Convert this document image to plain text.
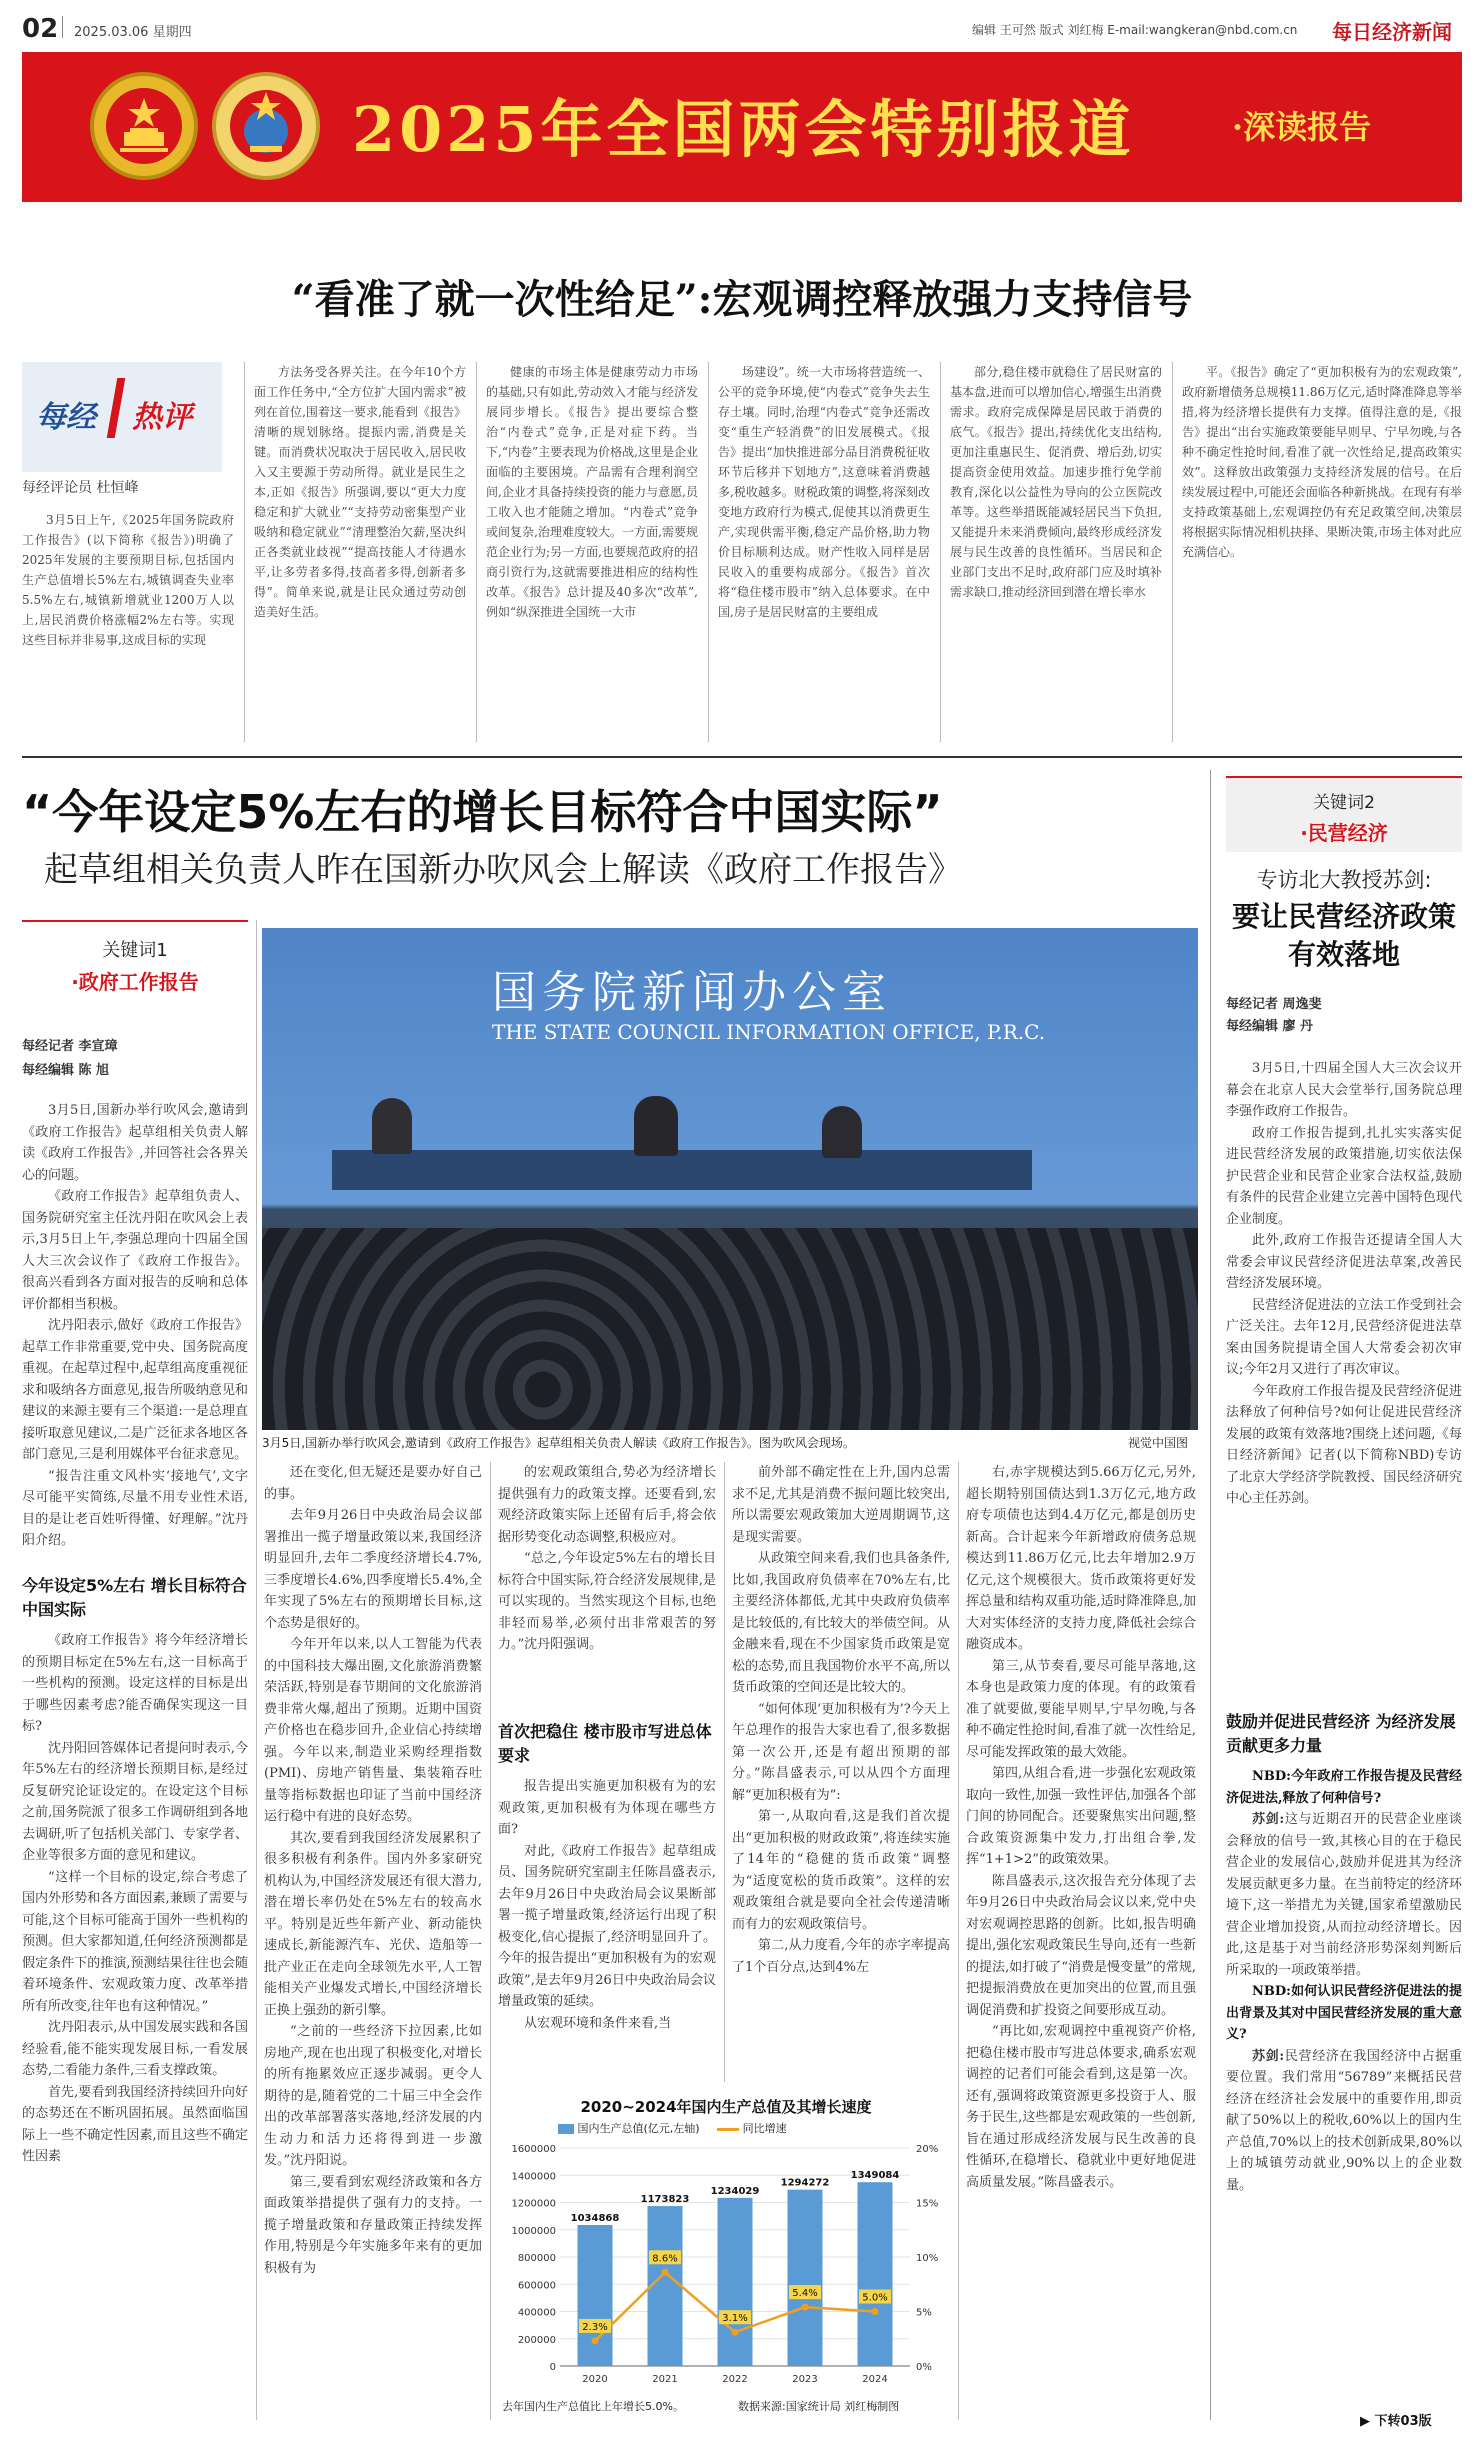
02 2025.03.06 星期四	编辑 王可然 版式 刘红梅 E-mail:wangkeran@nbd.com.cn 每日经济新闻
2025年全国两会特别报道	·深读报告
“看准了就一次性给足”:宏观调控释放强力支持信号
每经 热评
每经评论员 杜恒峰

3月5日上午,《2025年国务院政府工作报告》(以下简称《报告》)明确了2025年发展的主要预期目标,包括国内生产总值增长5%左右,城镇调查失业率5.5%左右,城镇新增就业1200万人以上,居民消费价格涨幅2%左右等。实现这些目标并非易事,这成目标的实现

方法务受各界关注。在今年10个方面工作任务中,“全方位扩大国内需求”被列在首位,围着这一要求,能看到《报告》清晰的规划脉络。提振内需,消费是关键。而消费状况取决于居民收入,居民收入又主要源于劳动所得。就业是民生之本,正如《报告》所强调,要以“更大力度稳定和扩大就业”“支持劳动密集型产业吸纳和稳定就业”“清理整治欠薪,坚决纠正各类就业歧视”“提高技能人才待遇水平,让多劳者多得,技高者多得,创新者多得”。简单来说,就是让民众通过劳动创造美好生活。

健康的市场主体是健康劳动力市场的基础,只有如此,劳动效入才能与经济发展同步增长。《报告》提出要综合整治“内卷式”竞争,正是对症下药。当下,“内卷”主要表现为价格战,这里是企业面临的主要困境。产品需有合理利润空间,企业才具备持续投资的能力与意愿,员工收入也才能随之增加。“内卷式”竞争或间复杂,治理难度较大。一方面,需要规范企业行为;另一方面,也要规范政府的招商引资行为,这就需要推进相应的结构性改革。《报告》总计提及40多次“改革”,例如“纵深推进全国统一大市

场建设”。统一大市场将营造统一、公平的竞争环境,使“内卷式”竞争失去生存土壤。同时,治理“内卷式”竞争还需改变“重生产轻消费”的旧发展模式。《报告》提出“加快推进部分品目消费税征收环节后移并下划地方”,这意味着消费越多,税收越多。财税政策的调整,将深刻改变地方政府行为模式,促使其以消费更生产,实现供需平衡,稳定产品价格,助力物价目标顺利达成。财产性收入同样是居民收入的重要构成部分。《报告》首次将“稳住楼市股市”纳入总体要求。在中国,房子是居民财富的主要组成

部分,稳住楼市就稳住了居民财富的基本盘,进而可以增加信心,增强生出消费需求。政府完成保障是居民敢于消费的底气。《报告》提出,持续优化支出结构,更加注重惠民生、促消费、增后劲,切实提高资金使用效益。加速步推行免学前教育,深化以公益性为导向的公立医院改革等。这些举措既能减轻居民当下负担,又能提升未来消费倾向,最终形成经济发展与民生改善的良性循环。当居民和企业部门支出不足时,政府部门应及时填补需求缺口,推动经济回到潜在增长率水

平。《报告》确定了“更加积极有为的宏观政策”,政府新增债务总规模11.86万亿元,适时降准降息等举措,将为经济增长提供有力支撑。值得注意的是,《报告》提出“出台实施政策要能早则早、宁早勿晚,与各种不确定性抢时间,看准了就一次性给足,提高政策实效”。这释放出政策强力支持经济发展的信号。在后续发展过程中,可能还会面临各种新挑战。在现有有举支持政策基础上,宏观调控仍有充足政策空间,决策层将根据实际情况相机抉择、果断决策,市场主体对此应充满信心。

“今年设定5%左右的增长目标符合中国实际”
起草组相关负责人昨在国新办吹风会上解读《政府工作报告》
关键词1
·政府工作报告
每经记者 李宣璋
每经编辑 陈 旭
国务院新闻办公室
THE STATE COUNCIL INFORMATION OFFICE, P.R.C.
3月5日,国新办举行吹风会,邀请到《政府工作报告》起草组相关负责人解读《政府工作报告》。图为吹风会现场。	视觉中国图

3月5日,国新办举行吹风会,邀请到《政府工作报告》起草组相关负责人解读《政府工作报告》,并回答社会各界关心的问题。

《政府工作报告》起草组负责人、国务院研究室主任沈丹阳在吹风会上表示,3月5日上午,李强总理向十四届全国人大三次会议作了《政府工作报告》。很高兴看到各方面对报告的反响和总体评价都相当积极。

沈丹阳表示,做好《政府工作报告》起草工作非常重要,党中央、国务院高度重视。在起草过程中,起草组高度重视征求和吸纳各方面意见,报告所吸纳意见和建议的来源主要有三个渠道:一是总理直接听取意见建议,二是广泛征求各地区各部门意见,三是利用媒体平台征求意见。

“报告注重文风朴实‘接地气’,文字尽可能平实简练,尽量不用专业性术语,目的是让老百姓听得懂、好理解。”沈丹阳介绍。

今年设定5%左右 增长目标符合中国实际

《政府工作报告》将今年经济增长的预期目标定在5%左右,这一目标高于一些机构的预测。设定这样的目标是出于哪些因素考虑?能否确保实现这一目标?

沈丹阳回答媒体记者提问时表示,今年5%左右的经济增长预期目标,是经过反复研究论证设定的。在设定这个目标之前,国务院派了很多工作调研组到各地去调研,听了包括机关部门、专家学者、企业等很多方面的意见和建议。

“这样一个目标的设定,综合考虑了国内外形势和各方面因素,兼顾了需要与可能,这个目标可能高于国外一些机构的预测。但大家都知道,任何经济预测都是假定条件下的推演,预测结果往往也会随着环境条件、宏观政策力度、改革举措所有所改变,往年也有这种情况。”

沈丹阳表示,从中国发展实践和各国经验看,能不能实现发展目标,一看发展态势,二看能力条件,三看支撑政策。

首先,要看到我国经济持续回升向好的态势还在不断巩固拓展。虽然面临国际上一些不确定性因素,而且这些不确定性因素

还在变化,但无疑还是要办好自己的事。

去年9月26日中央政治局会议部署推出一揽子增量政策以来,我国经济明显回升,去年二季度经济增长4.7%,三季度增长4.6%,四季度增长5.4%,全年实现了5%左右的预期增长目标,这个态势是很好的。

今年开年以来,以人工智能为代表的中国科技大爆出圈,文化旅游消费繁荣活跃,特别是春节期间的文化旅游消费非常火爆,超出了预期。近期中国资产价格也在稳步回升,企业信心持续增强。今年以来,制造业采购经理指数(PMI)、房地产销售量、集装箱吞吐量等指标数据也印证了当前中国经济运行稳中有进的良好态势。

其次,要看到我国经济发展累积了很多积极有利条件。国内外多家研究机构认为,中国经济发展还有很大潜力,潜在增长率仍处在5%左右的较高水平。特别是近些年新产业、新动能快速成长,新能源汽车、光伏、造船等一批产业正在走向全球领先水平,人工智能相关产业爆发式增长,中国经济增长正换上强劲的新引擎。

“之前的一些经济下拉因素,比如房地产,现在也出现了积极变化,对增长的所有拖累效应正逐步减弱。更令人期待的是,随着党的二十届三中全会作出的改革部署落实落地,经济发展的内生动力和活力还将得到进一步激发。”沈丹阳说。

第三,要看到宏观经济政策和各方面政策举措提供了强有力的支持。一揽子增量政策和存量政策正持续发挥作用,特别是今年实施多年来有的更加积极有为

的宏观政策组合,势必为经济增长提供强有力的政策支撑。还要看到,宏观经济政策实际上还留有后手,将会依据形势变化动态调整,积极应对。

“总之,今年设定5%左右的增长目标符合中国实际,符合经济发展规律,是可以实现的。当然实现这个目标,也绝非轻而易举,必须付出非常艰苦的努力。”沈丹阳强调。

首次把稳住 楼市股市写进总体要求

报告提出实施更加积极有为的宏观政策,更加积极有为体现在哪些方面?

对此,《政府工作报告》起草组成员、国务院研究室副主任陈昌盛表示,去年9月26日中央政治局会议果断部署一揽子增量政策,经济运行出现了积极变化,信心提振了,经济明显回升了。今年的报告提出“更加积极有为的宏观政策”,是去年9月26日中央政治局会议增量政策的延续。

从宏观环境和条件来看,当

前外部不确定性在上升,国内总需求不足,尤其是消费不振问题比较突出,所以需要宏观政策加大逆周期调节,这是现实需要。

从政策空间来看,我们也具备条件,比如,我国政府负债率在70%左右,比主要经济体都低,尤其中央政府负债率是比较低的,有比较大的举债空间。从金融来看,现在不少国家货币政策是宽松的态势,而且我国物价水平不高,所以货币政策的空间还是比较大的。

“如何体现‘更加积极有为’?今天上午总理作的报告大家也看了,很多数据第一次公开,还是有超出预期的部分。”陈昌盛表示,可以从四个方面理解“更加积极有为”:

第一,从取向看,这是我们首次提出“更加积极的财政政策”,将连续实施了14年的“稳健的货币政策”调整为“适度宽松的货币政策”。这样的宏观政策组合就是要向全社会传递清晰而有力的宏观政策信号。

第二,从力度看,今年的赤字率提高了1个百分点,达到4%左

右,赤字规模达到5.66万亿元,另外,超长期特别国债达到1.3万亿元,地方政府专项债也达到4.4万亿元,都是创历史新高。合计起来今年新增政府债务总规模达到11.86万亿元,比去年增加2.9万亿元,这个规模很大。货币政策将更好发挥总量和结构双重功能,适时降准降息,加大对实体经济的支持力度,降低社会综合融资成本。

第三,从节奏看,要尽可能早落地,这本身也是政策力度的体现。有的政策看准了就要做,要能早则早,宁早勿晚,与各种不确定性抢时间,看准了就一次性给足,尽可能发挥政策的最大效能。

第四,从组合看,进一步强化宏观政策取向一致性,加强一致性评估,加强各个部门间的协同配合。还要聚焦实出问题,整合政策资源集中发力,打出组合拳,发挥“1+1>2”的政策效果。

陈昌盛表示,这次报告充分体现了去年9月26日中央政治局会议以来,党中央对宏观调控思路的创新。比如,报告明确提出,强化宏观政策民生导向,还有一些新的提法,如打破了“消费是慢变量”的常规,把提振消费放在更加突出的位置,而且强调促消费和扩投资之间要形成互动。

“再比如,宏观调控中重视资产价格,把稳住楼市股市写进总体要求,确系宏观调控的记者们可能会看到,这是第一次。还有,强调将政策资源更多投资于人、服务于民生,这些都是宏观政策的一些创新,旨在通过形成经济发展与民生改善的良性循环,在稳增长、稳就业中更好地促进高质量发展。”陈昌盛表示。

2020~2024年国内生产总值及其增长速度
国内生产总值(亿元,左轴)	同比增速
0
200000
400000
600000
800000
1000000
1200000
1400000
1600000
0%
5%
10%
15%
20%
1034868
2020
1173823
2021
1234029
2022
1294272
2023
1349084
2024
2.3%
8.6%
3.1%
5.4%	5.0%
去年国内生产总值比上年增长5.0%。	数据来源:国家统计局 刘红梅制图
关键词2
·民营经济
专访北大教授苏剑:
要让民营经济政策有效落地
每经记者 周逸斐
每经编辑 廖 丹

3月5日,十四届全国人大三次会议开幕会在北京人民大会堂举行,国务院总理李强作政府工作报告。

政府工作报告提到,扎扎实实落实促进民营经济发展的政策措施,切实依法保护民营企业和民营企业家合法权益,鼓励有条件的民营企业建立完善中国特色现代企业制度。

此外,政府工作报告还提请全国人大常委会审议民营经济促进法草案,改善民营经济发展环境。

民营经济促进法的立法工作受到社会广泛关注。去年12月,民营经济促进法草案由国务院提请全国人大常委会初次审议;今年2月又进行了再次审议。

今年政府工作报告提及民营经济促进法释放了何种信号?如何让促进民营经济发展的政策有效落地?围绕上述问题,《每日经济新闻》记者(以下简称NBD)专访了北京大学经济学院教授、国民经济研究中心主任苏剑。

鼓励并促进民营经济 为经济发展贡献更多力量

NBD:今年政府工作报告提及民营经济促进法,释放了何种信号?

苏剑:这与近期召开的民营企业座谈会释放的信号一致,其核心目的在于稳民营企业的发展信心,鼓励并促进其为经济发展贡献更多力量。在当前特定的经济环境下,这一举措尤为关键,国家希望激励民营企业增加投资,从而拉动经济增长。因此,这是基于对当前经济形势深刻判断后所采取的一项政策举措。

NBD:如何认识民营经济促进法的提出背景及其对中国民营经济发展的重大意义?

苏剑:民营经济在我国经济中占据重要位置。我们常用“56789”来概括民营经济在经济社会发展中的重要作用,即贡献了50%以上的税收,60%以上的国内生产总值,70%以上的技术创新成果,80%以上的城镇劳动就业,90%以上的企业数量。

▶ 下转03版
